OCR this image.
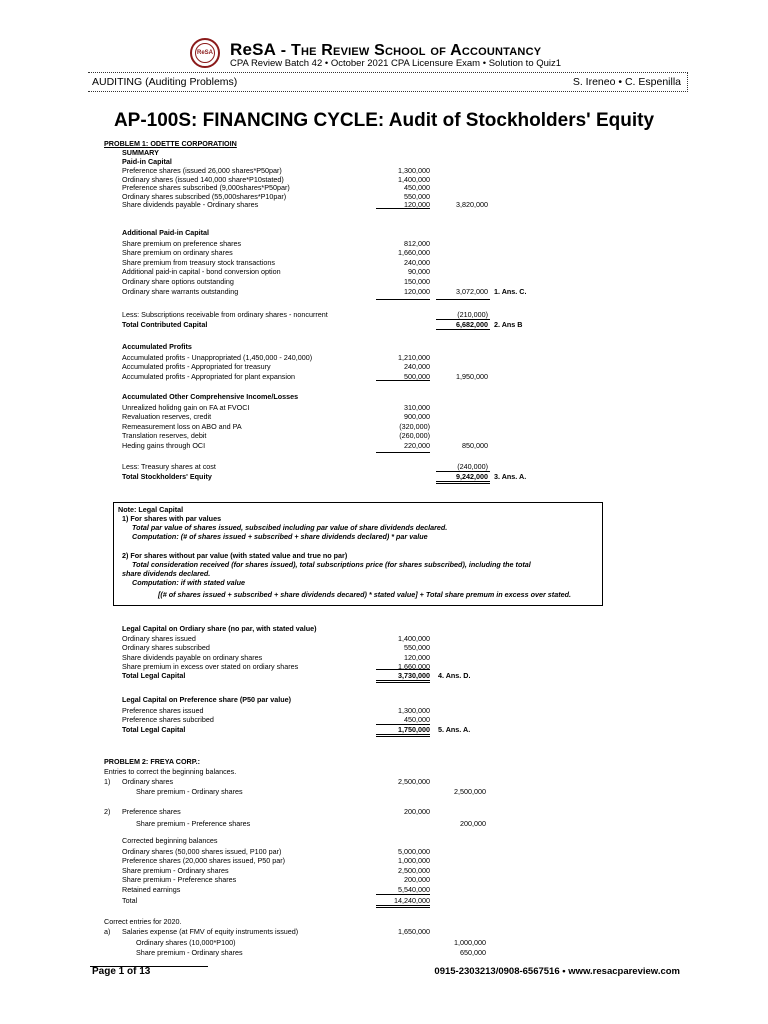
ReSA ReSA - The Review School of Accountancy
CPA Review Batch 42 • October 2021 CPA Licensure Exam • Solution to Quiz1
AUDITING (Auditing Problems)	S. Ireneo • C. Espenilla
AP-100S: FINANCING CYCLE: Audit of Stockholders' Equity
Page 1 of 13	0915-2303213/0908-6567516 • www.resacpareview.com
PROBLEM 1: ODETTE CORPORATIOIN
SUMMARY
Paid-in Capital
Preference shares (issued 26,000 shares*P50par)	1,300,000
Ordinary shares (issued 140,000 share*P10stated)	1,400,000
Preference shares subscribed (9,000shares*P50par)	450,000
Ordinary shares subscribed (55,000shares*P10par)	550,000
Share dividends payable - Ordinary shares	120,000	3,820,000
Additional Paid-in Capital
Share premium on preference shares	812,000
Share premium on ordinary shares	1,660,000
Share premium from treasury stock transactions	240,000
Additional paid-in capital - bond conversion option	90,000
Ordinary share options outstanding	150,000
Ordinary share warrants outstanding	120,000	3,072,000 1. Ans. C.
Less: Subscriptions receivable from ordinary shares - noncurrent	(210,000)
Total Contributed Capital	6,682,000 2. Ans B
Accumulated Profits
Accumulated profits - Unappropriated (1,450,000 - 240,000)	1,210,000
Accumulated profits - Appropriated for treasury	240,000
Accumulated profits - Appropriated for plant expansion	500,000	1,950,000
Accumulated Other Comprehensive Income/Losses
Unrealized holidng gain on FA at FVOCI	310,000
Revaluation reserves, credit	900,000
Remeasurement loss on ABO and PA	(320,000)
Translation reserves, debit	(260,000)
Heding gains through OCI	220,000	850,000
Less: Treasury shares at cost	(240,000)
Total Stockholders' Equity	9,242,000 3. Ans. A.
Note: Legal Capital
1) For shares with par values
Total par value of shares issued, subscibed including par value of share dividends declared.
Computation: (# of shares issued + subscribed + share dividends declared) * par value
2) For shares without par value (with stated value and true no par)
Total consideration received (for shares issued), total subscriptions price (for shares subscribed), including the total
share dividends declared.
Computation: if with stated value
[(# of shares issued + subscribed + share dividends decared) * stated value] + Total share premum in excess over stated.
Legal Capital on Ordiary share (no par, with stated value)
Ordinary shares issued	1,400,000
Ordinary shares subscribed	550,000
Share dividends payable on ordinary shares	120,000
Share premium in excess over stated on ordiary shares	1,660,000
Total Legal Capital	3,730,000 4. Ans. D.
Legal Capital on Preference share (P50 par value)
Preference shares issued	1,300,000
Preference shares subcribed	450,000
Total Legal Capital	1,750,000 5. Ans. A.
PROBLEM 2: FREYA CORP.:
Entries to correct the beginning balances.
1) Ordinary shares	2,500,000
Share premium - Ordinary shares	2,500,000
2) Preference shares	200,000
Share premium - Preference shares	200,000
Corrected beginning balances
Ordinary shares (50,000 shares issued, P100 par)	5,000,000
Preference shares (20,000 shares issued, P50 par)	1,000,000
Share premium - Ordinary shares	2,500,000
Share premium - Preference shares	200,000
Retained earnings	5,540,000
Total	14,240,000
Correct entries for 2020.
a) Salaries expense (at FMV of equity instruments issued)	1,650,000
Ordinary shares (10,000*P100)	1,000,000
Share premium - Ordinary shares	650,000
